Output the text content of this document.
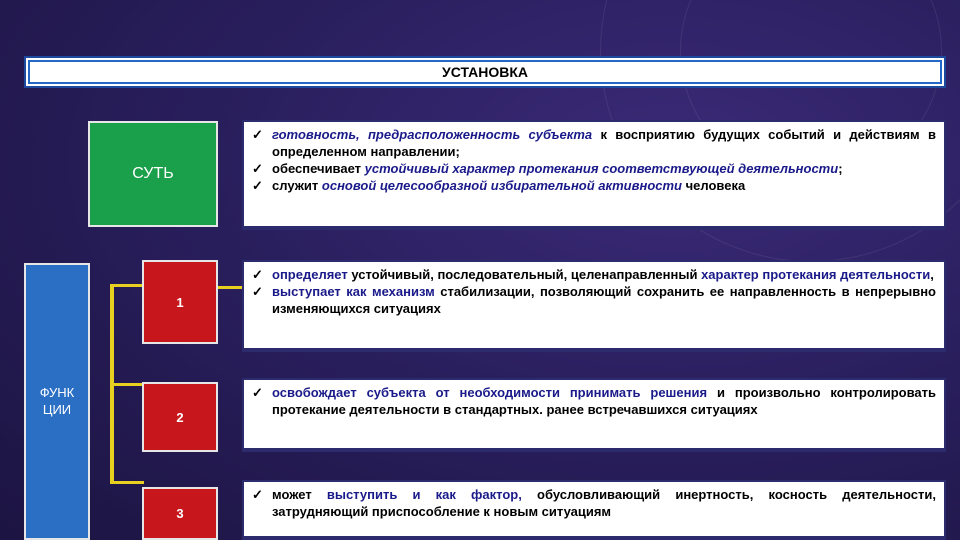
УСТАНОВКА
СУТЬ
ФУНК ЦИИ
1
2
3
✓ готовность, предрасположенность субъекта к восприятию будущих событий и действиям в определенном направлении;
✓ обеспечивает устойчивый характер протекания соответствующей деятельности;
✓ служит основой целесообразной избирательной активности человека
✓ определяет устойчивый, последовательный, целенаправленный характер протекания деятельности,
✓ выступает как механизм стабилизации, позволяющий сохранить ее направленность в непрерывно изменяющихся ситуациях
✓ освобождает субъекта от необходимости принимать решения и произвольно контролировать протекание деятельности в стандартных. ранее встречавшихся ситуациях
✓ может выступить и как фактор, обусловливающий инертность, косность деятельности, затрудняющий приспособление к новым ситуациям
